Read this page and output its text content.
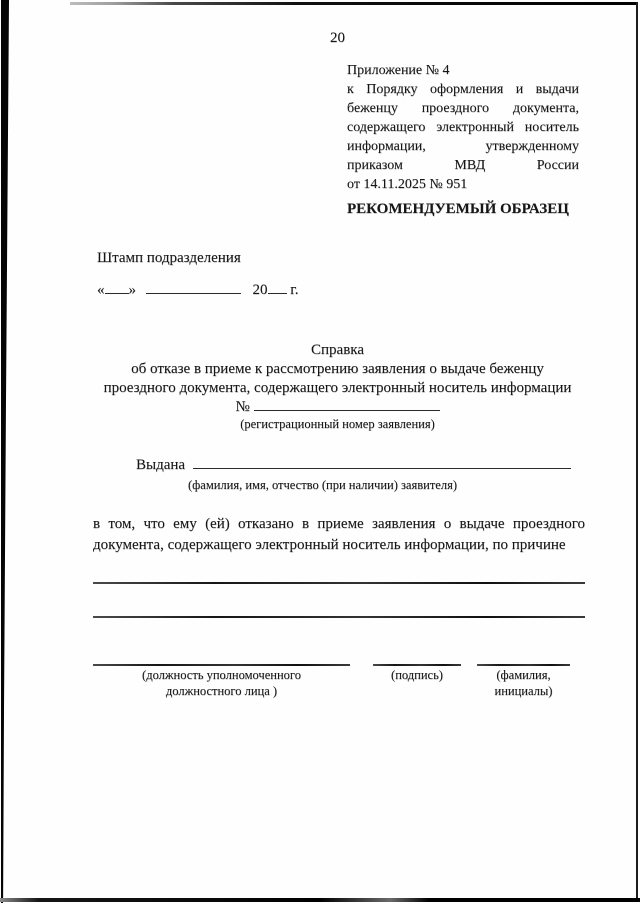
20
Приложение № 4
к Порядку оформления и выдачи
беженцу проездного документа,
содержащего электронный носитель
информации, утвержденному
приказом МВД России
от 14.11.2025 № 951
РЕКОМЕНДУЕМЫЙ ОБРАЗЕЦ
Штамп подразделения
« »	20 г.
Справка
об отказе в приеме к рассмотрению заявления о выдаче беженцу
проездного документа, содержащего электронный носитель информации
№
(регистрационный номер заявления)
Выдана
(фамилия, имя, отчество (при наличии) заявителя)
в том, что ему (ей) отказано в приеме заявления о выдаче проездного
документа, содержащего электронный носитель информации, по причине
(должность уполномоченного
должностного лица )
(подпись)	(фамилия,
инициалы)
